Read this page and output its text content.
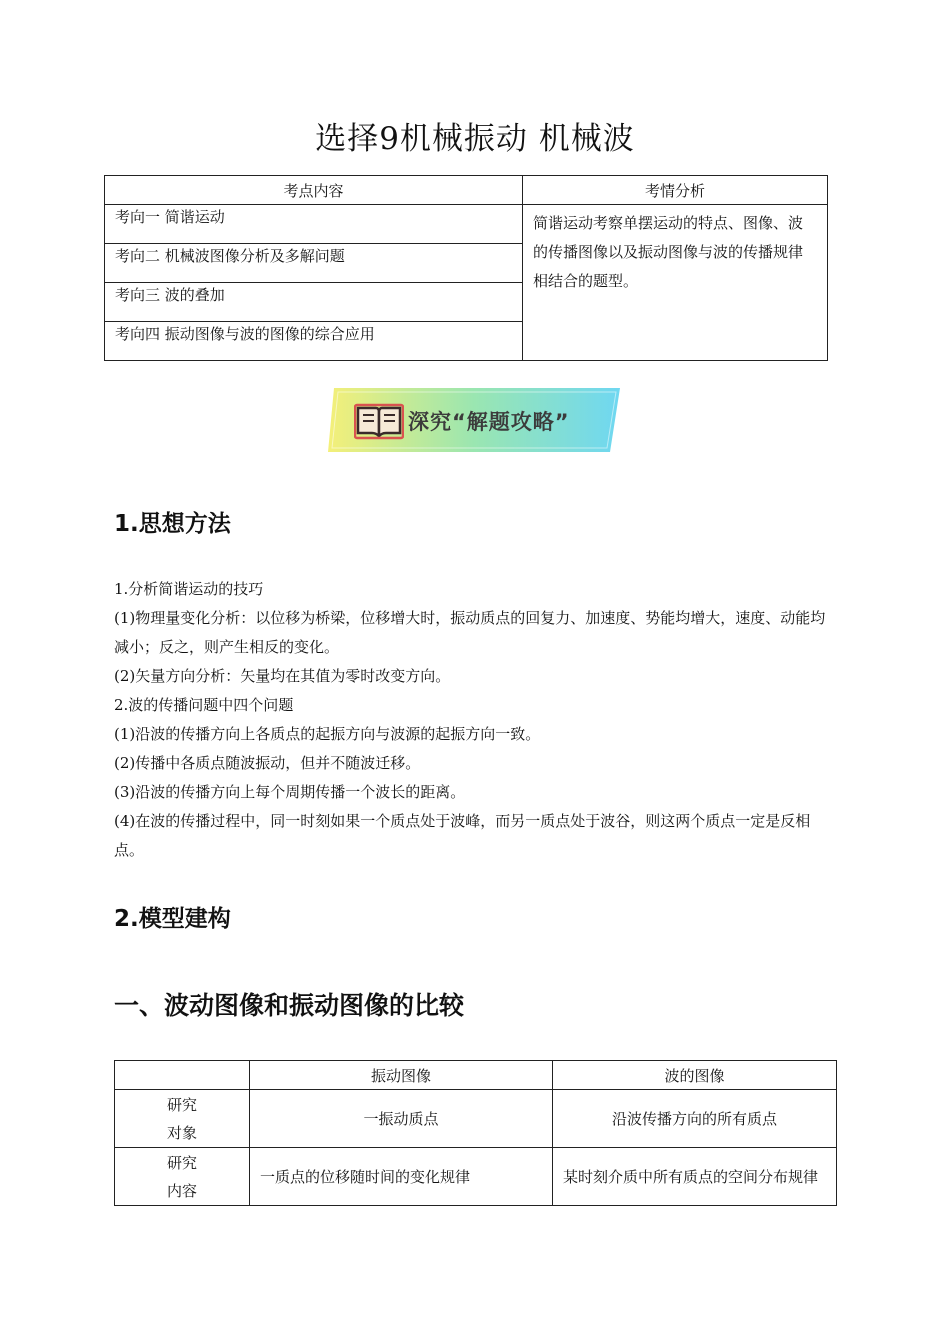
选择9机械振动 机械波
考点内容	考情分析
考向一 简谐运动	简谐运动考察单摆运动的特点、图像、波的传播图像以及振动图像与波的传播规律相结合的题型。
考向二 机械波图像分析及多解问题	
考向三 波的叠加	
考向四 振动图像与波的图像的综合应用	
深究“解题攻略”
1.思想方法

1.分析简谐运动的技巧

(1)物理量变化分析：以位移为桥梁，位移增大时，振动质点的回复力、加速度、势能均增大，速度、动能均减小；反之，则产生相反的变化。

(2)矢量方向分析：矢量均在其值为零时改变方向。

2.波的传播问题中四个问题

(1)沿波的传播方向上各质点的起振方向与波源的起振方向一致。

(2)传播中各质点随波振动，但并不随波迁移。

(3)沿波的传播方向上每个周期传播一个波长的距离。

(4)在波的传播过程中，同一时刻如果一个质点处于波峰，而另一质点处于波谷，则这两个质点一定是反相点。

2.模型建构
一、波动图像和振动图像的比较
	振动图像	波的图像

研究
对象	一振动质点	沿波传播方向的所有质点

研究
内容	一质点的位移随时间的变化规律	某时刻介质中所有质点的空间分布规律
